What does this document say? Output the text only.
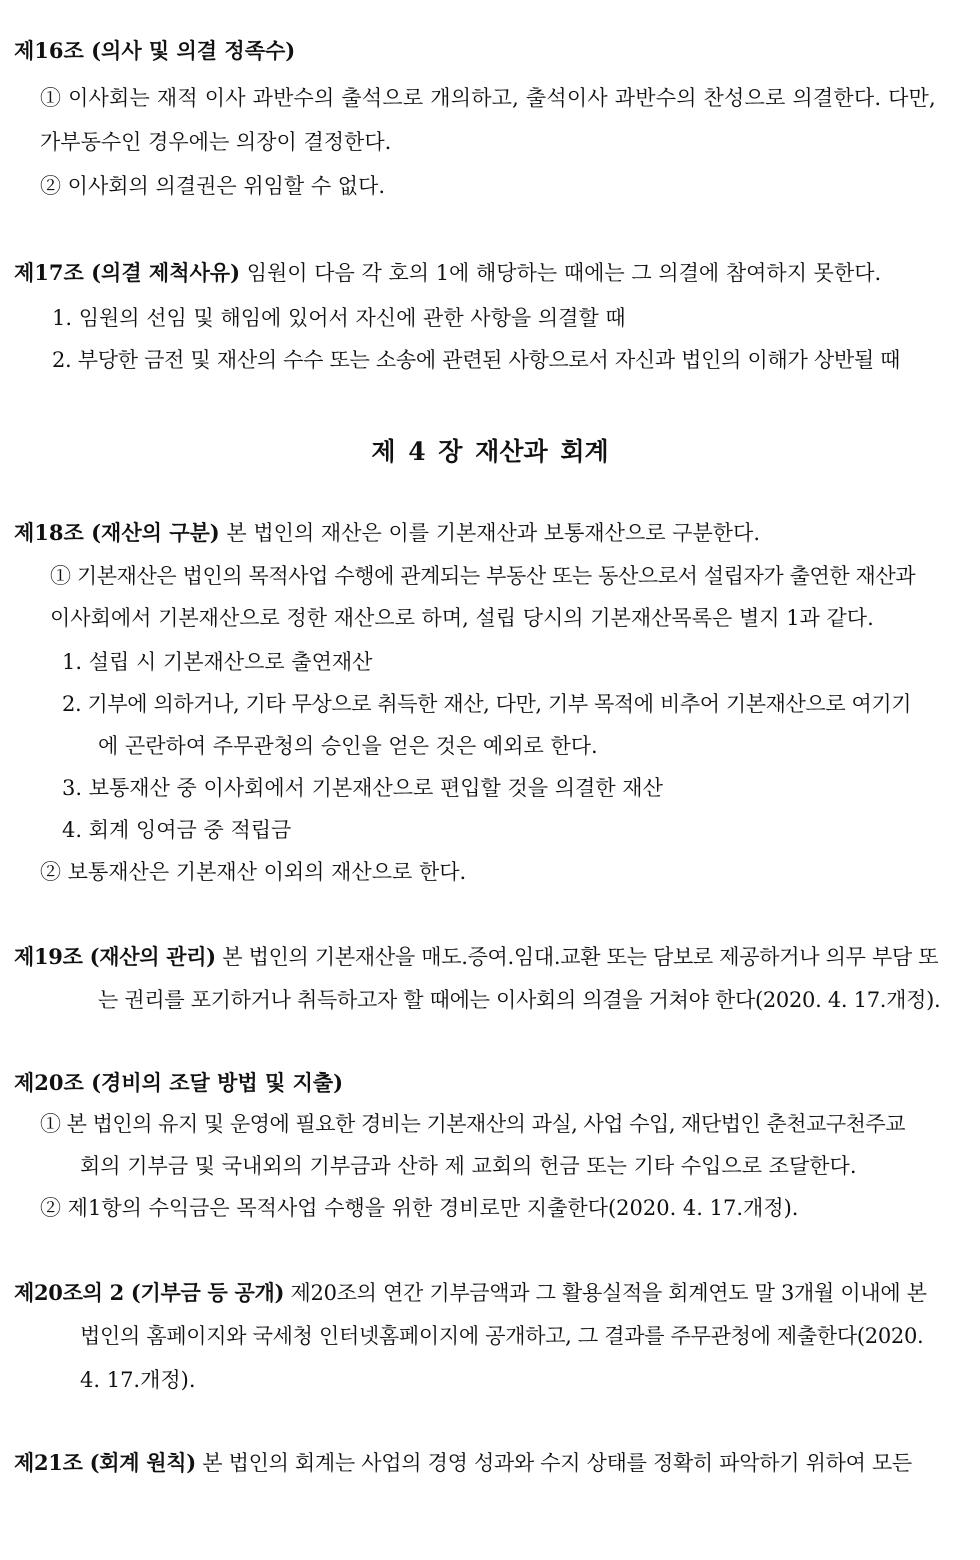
제16조 (의사 및 의결 정족수)
① 이사회는 재적 이사 과반수의 출석으로 개의하고, 출석이사 과반수의 찬성으로 의결한다. 다만,
가부동수인 경우에는 의장이 결정한다.
② 이사회의 의결권은 위임할 수 없다.
제17조 (의결 제척사유) 임원이 다음 각 호의 1에 해당하는 때에는 그 의결에 참여하지 못한다.
1. 임원의 선임 및 해임에 있어서 자신에 관한 사항을 의결할 때
2. 부당한 금전 및 재산의 수수 또는 소송에 관련된 사항으로서 자신과 법인의 이해가 상반될 때
제 4 장 재산과 회계
제18조 (재산의 구분) 본 법인의 재산은 이를 기본재산과 보통재산으로 구분한다.
① 기본재산은 법인의 목적사업 수행에 관계되는 부동산 또는 동산으로서 설립자가 출연한 재산과
이사회에서 기본재산으로 정한 재산으로 하며, 설립 당시의 기본재산목록은 별지 1과 같다.
1. 설립 시 기본재산으로 출연재산
2. 기부에 의하거나, 기타 무상으로 취득한 재산, 다만, 기부 목적에 비추어 기본재산으로 여기기
에 곤란하여 주무관청의 승인을 얻은 것은 예외로 한다.
3. 보통재산 중 이사회에서 기본재산으로 편입할 것을 의결한 재산
4. 회계 잉여금 중 적립금
② 보통재산은 기본재산 이외의 재산으로 한다.
제19조 (재산의 관리) 본 법인의 기본재산을 매도.증여.임대.교환 또는 담보로 제공하거나 의무 부담 또
는 권리를 포기하거나 취득하고자 할 때에는 이사회의 의결을 거쳐야 한다(2020. 4. 17.개정).
제20조 (경비의 조달 방법 및 지출)
① 본 법인의 유지 및 운영에 필요한 경비는 기본재산의 과실, 사업 수입, 재단법인 춘천교구천주교
회의 기부금 및 국내외의 기부금과 산하 제 교회의 헌금 또는 기타 수입으로 조달한다.
② 제1항의 수익금은 목적사업 수행을 위한 경비로만 지출한다(2020. 4. 17.개정).
제20조의 2 (기부금 등 공개) 제20조의 연간 기부금액과 그 활용실적을 회계연도 말 3개월 이내에 본
법인의 홈페이지와 국세청 인터넷홈페이지에 공개하고, 그 결과를 주무관청에 제출한다(2020.
4. 17.개정).
제21조 (회계 원칙) 본 법인의 회계는 사업의 경영 성과와 수지 상태를 정확히 파악하기 위하여 모든
